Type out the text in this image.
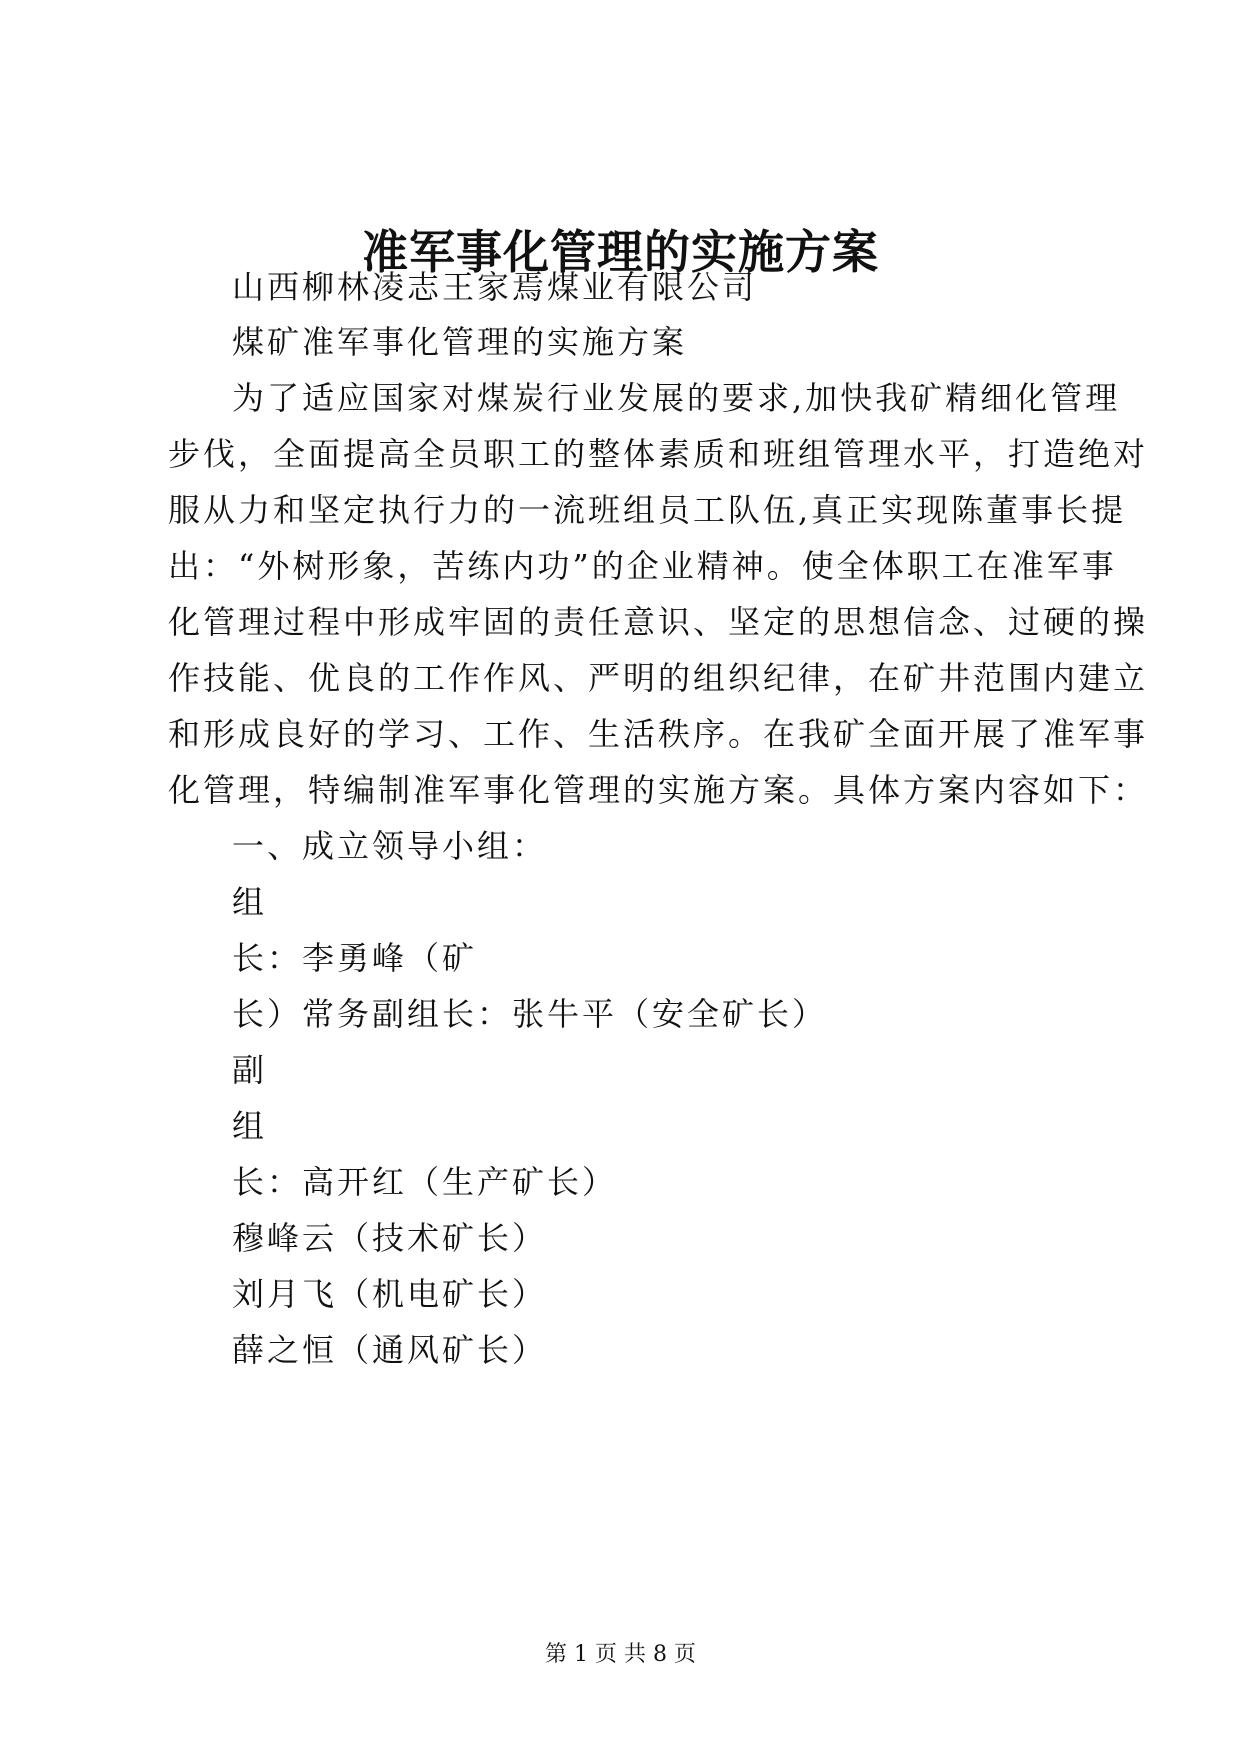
准军事化管理的实施方案
山西柳林凌志王家焉煤业有限公司
煤矿准军事化管理的实施方案
为了适应国家对煤炭行业发展的要求,加快我矿精细化管理
步伐，全面提高全员职工的整体素质和班组管理水平，打造绝对
服从力和坚定执行力的一流班组员工队伍,真正实现陈董事长提
出：“外树形象，苦练内功”的企业精神。使全体职工在准军事
化管理过程中形成牢固的责任意识、坚定的思想信念、过硬的操
作技能、优良的工作作风、严明的组织纪律，在矿井范围内建立
和形成良好的学习、工作、生活秩序。在我矿全面开展了准军事
化管理，特编制准军事化管理的实施方案。具体方案内容如下：
一、成立领导小组：
组
长：李勇峰（矿
长）常务副组长：张牛平（安全矿长）
副
组
长：高开红（生产矿长）
穆峰云（技术矿长）
刘月飞（机电矿长）
薛之恒（通风矿长）
第 1 页 共 8 页
